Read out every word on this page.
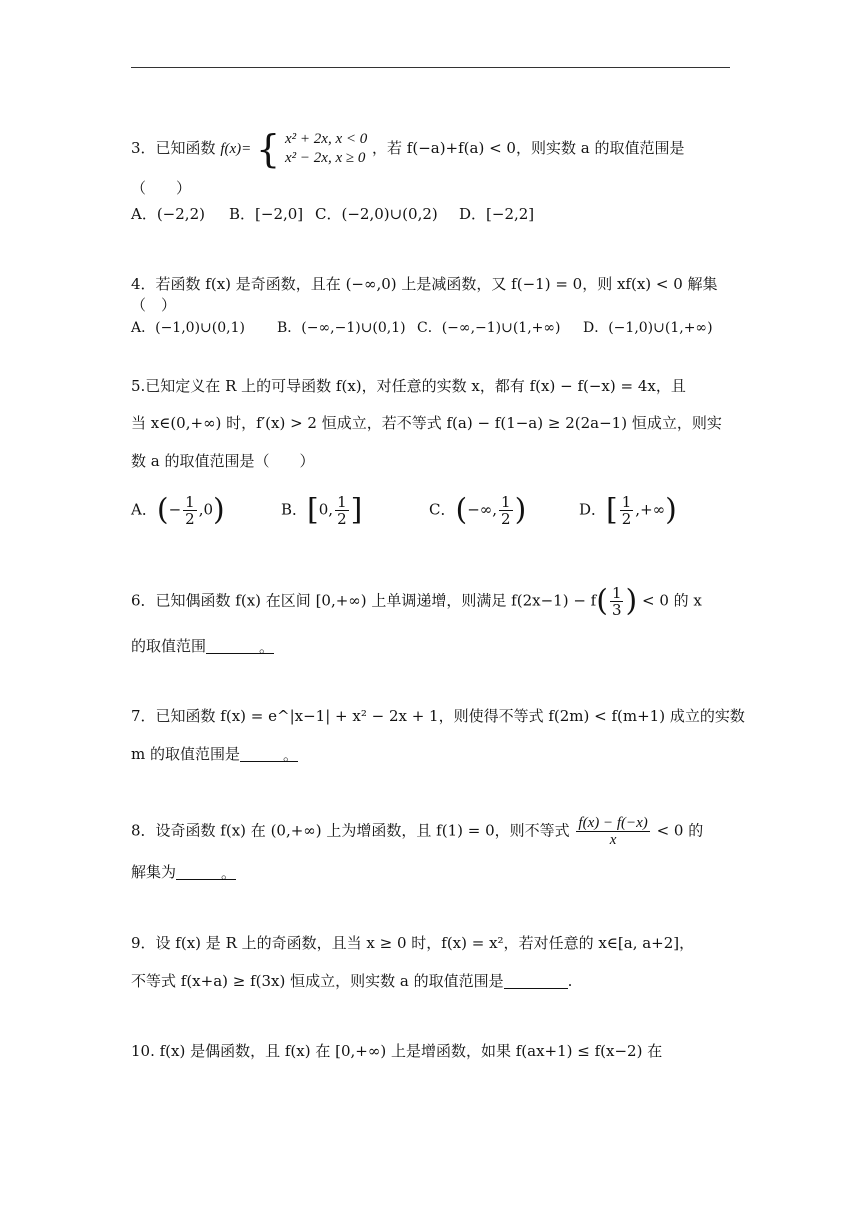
3．已知函数 f(x)= { x² + 2x, x < 0
x² − 2x, x ≥ 0
，若 f(−a)+f(a) < 0，则实数 a 的取值范围是
（　　）
A．(−2,2) B．[−2,0] C．(−2,0)∪(0,2) D．[−2,2]
4．若函数 f(x) 是奇函数，且在 (−∞,0) 上是减函数，又 f(−1) = 0，则 xf(x) < 0 解集
（　）
A．(−1,0)∪(0,1) B．(−∞,−1)∪(0,1) C．(−∞,−1)∪(1,+∞) D．(−1,0)∪(1,+∞)
5.已知定义在 R 上的可导函数 f(x)，对任意的实数 x，都有 f(x) − f(−x) = 4x，且
当 x∈(0,+∞) 时，f′(x) > 2 恒成立，若不等式 f(a) − f(1−a) ≥ 2(2a−1) 恒成立，则实
数 a 的取值范围是（　　）
A．(− $\frac{1}{2} ,0$)	B．[0, $\frac{1}{2}$ ]	C．(−∞, $\frac{1}{2}$ )	D．[ $\frac{1}{2}$ ,+∞)
6．已知偶函数 f(x) 在区间 [0,+∞) 上单调递增，则满足 $f(2x-1) - f( \frac{1}{3}$ ) < 0 的 x
的取值范围	。
7．已知函数 f(x) = e^|x−1| + x² − 2x + 1，则使得不等式 f(2m) < f(m+1) 成立的实数
m 的取值范围是	。
8．设奇函数 f(x) 在 (0,+∞) 上为增函数，且 f(1) = 0，则不等式 $\frac{f(x) - f(-x)}{x} < 0$ 的
解集为	。
9．设 f(x) 是 R 上的奇函数，且当 x ≥ 0 时，f(x) = x²，若对任意的 x∈[a, a+2]，
不等式 f(x+a) ≥ f(3x) 恒成立，则实数 a 的取值范围是	.
10. f(x) 是偶函数，且 f(x) 在 [0,+∞) 上是增函数，如果 f(ax+1) ≤ f(x−2) 在
